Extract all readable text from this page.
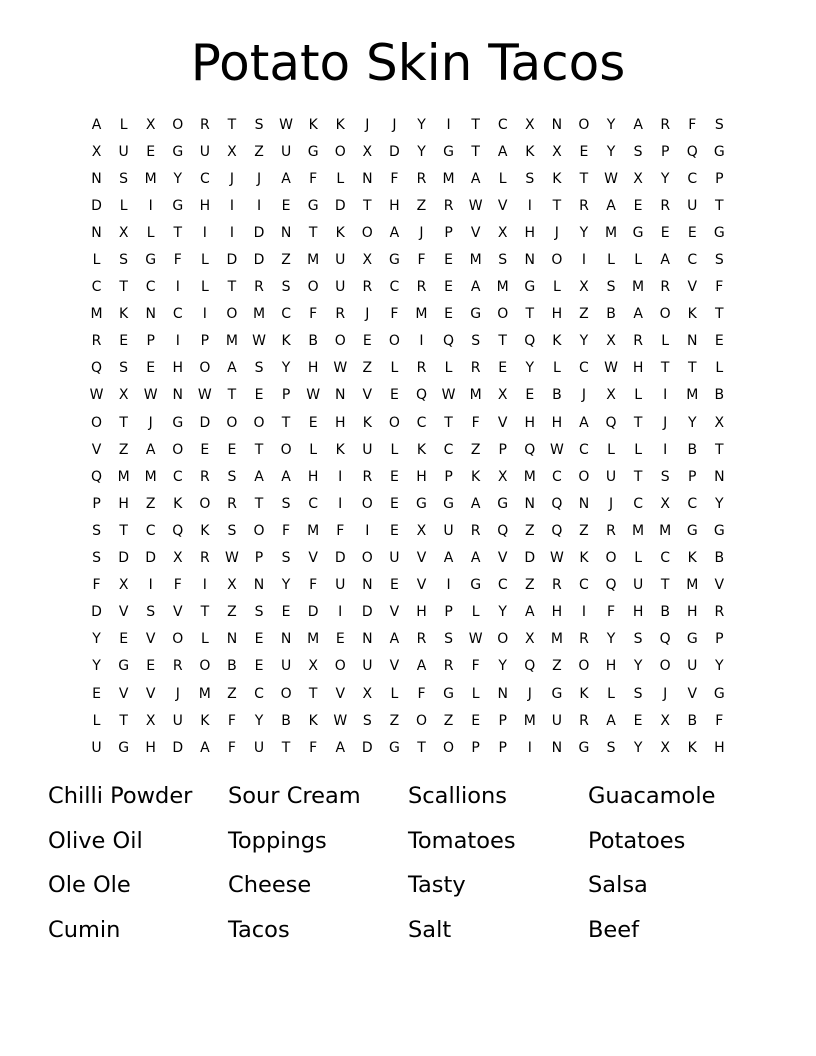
Potato Skin Tacos
A	L	X	O	R	T	S	W	K	K	J	J	Y	I	T	C	X	N	O	Y	A	R	F	S
X	U	E	G	U	X	Z	U	G	O	X	D	Y	G	T	A	K	X	E	Y	S	P	Q	G
N	S	M	Y	C	J	J	A	F	L	N	F	R	M	A	L	S	K	T	W	X	Y	C	P
D	L	I	G	H	I	I	E	G	D	T	H	Z	R	W	V	I	T	R	A	E	R	U	T
N	X	L	T	I	I	D	N	T	K	O	A	J	P	V	X	H	J	Y	M	G	E	E	G
L	S	G	F	L	D	D	Z	M	U	X	G	F	E	M	S	N	O	I	L	L	A	C	S
C	T	C	I	L	T	R	S	O	U	R	C	R	E	A	M	G	L	X	S	M	R	V	F
M	K	N	C	I	O	M	C	F	R	J	F	M	E	G	O	T	H	Z	B	A	O	K	T
R	E	P	I	P	M	W	K	B	O	E	O	I	Q	S	T	Q	K	Y	X	R	L	N	E
Q	S	E	H	O	A	S	Y	H	W	Z	L	R	L	R	E	Y	L	C	W	H	T	T	L
W	X	W	N	W	T	E	P	W	N	V	E	Q	W	M	X	E	B	J	X	L	I	M	B
O	T	J	G	D	O	O	T	E	H	K	O	C	T	F	V	H	H	A	Q	T	J	Y	X
V	Z	A	O	E	E	T	O	L	K	U	L	K	C	Z	P	Q	W	C	L	L	I	B	T
Q	M	M	C	R	S	A	A	H	I	R	E	H	P	K	X	M	C	O	U	T	S	P	N
P	H	Z	K	O	R	T	S	C	I	O	E	G	G	A	G	N	Q	N	J	C	X	C	Y
S	T	C	Q	K	S	O	F	M	F	I	E	X	U	R	Q	Z	Q	Z	R	M	M	G	G
S	D	D	X	R	W	P	S	V	D	O	U	V	A	A	V	D	W	K	O	L	C	K	B
F	X	I	F	I	X	N	Y	F	U	N	E	V	I	G	C	Z	R	C	Q	U	T	M	V
D	V	S	V	T	Z	S	E	D	I	D	V	H	P	L	Y	A	H	I	F	H	B	H	R
Y	E	V	O	L	N	E	N	M	E	N	A	R	S	W	O	X	M	R	Y	S	Q	G	P
Y	G	E	R	O	B	E	U	X	O	U	V	A	R	F	Y	Q	Z	O	H	Y	O	U	Y
E	V	V	J	M	Z	C	O	T	V	X	L	F	G	L	N	J	G	K	L	S	J	V	G
L	T	X	U	K	F	Y	B	K	W	S	Z	O	Z	E	P	M	U	R	A	E	X	B	F
U	G	H	D	A	F	U	T	F	A	D	G	T	O	P	P	I	N	G	S	Y	X	K	H
Chilli Powder	Sour Cream	Scallions	Guacamole
Olive Oil	Toppings	Tomatoes	Potatoes
Ole Ole	Cheese	Tasty	Salsa
Cumin	Tacos	Salt	Beef
